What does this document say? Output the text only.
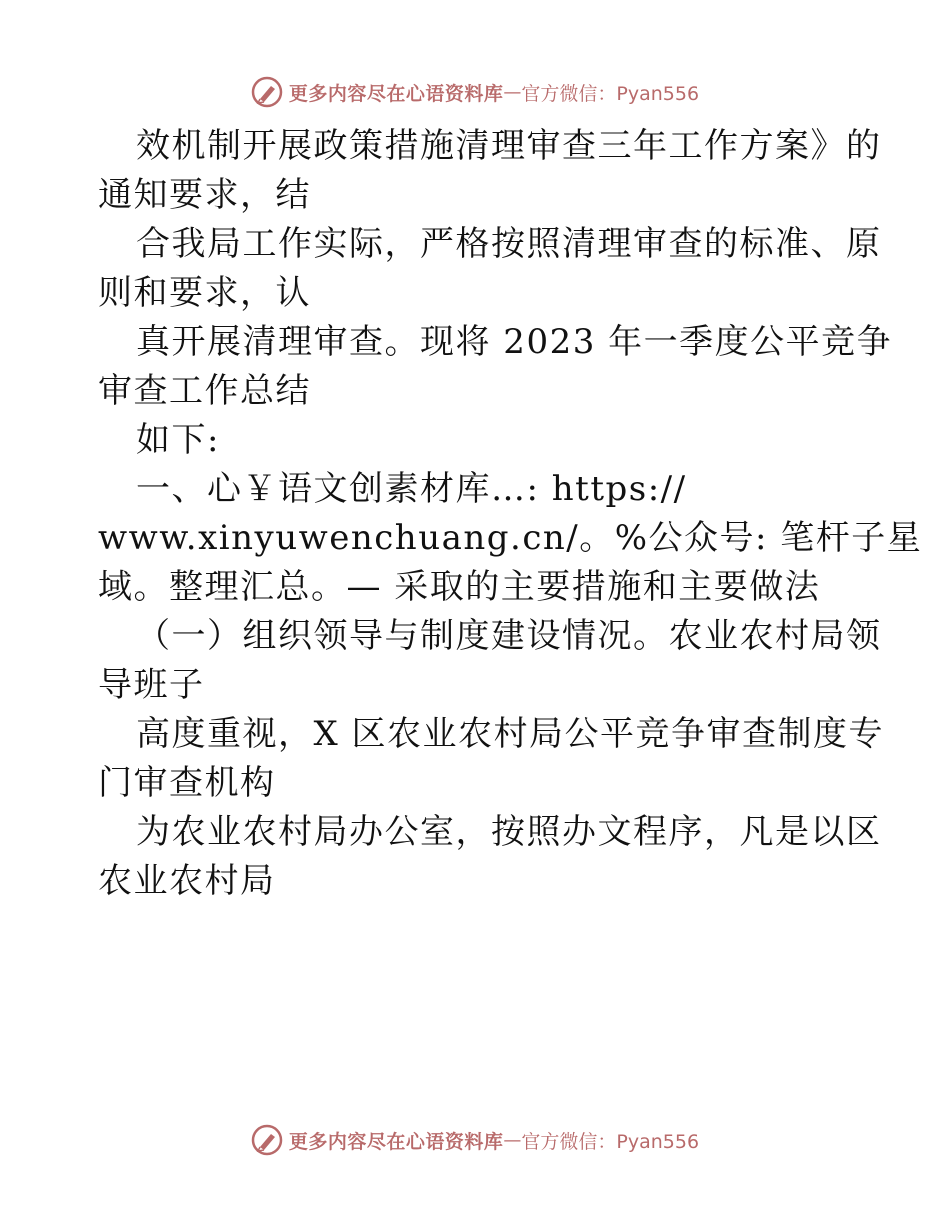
更多内容尽在心语资料库 — 官方微信：Pyan556
效机制开展政策措施清理审查三年工作方案》的
通知要求，结
合我局工作实际，严格按照清理审查的标准、原
则和要求，认
真开展清理审查。现将 2023 年一季度公平竞争
审查工作总结
如下:
一、心￥语文创素材库…: https://
www.xinyuwenchuang.cn/。%公众号: 笔杆子星
域。整理汇总。— 采取的主要措施和主要做法
（一）组织领导与制度建设情况。农业农村局领
导班子
高度重视，X 区农业农村局公平竞争审查制度专
门审查机构
为农业农村局办公室，按照办文程序，凡是以区
农业农村局
更多内容尽在心语资料库 — 官方微信：Pyan556
